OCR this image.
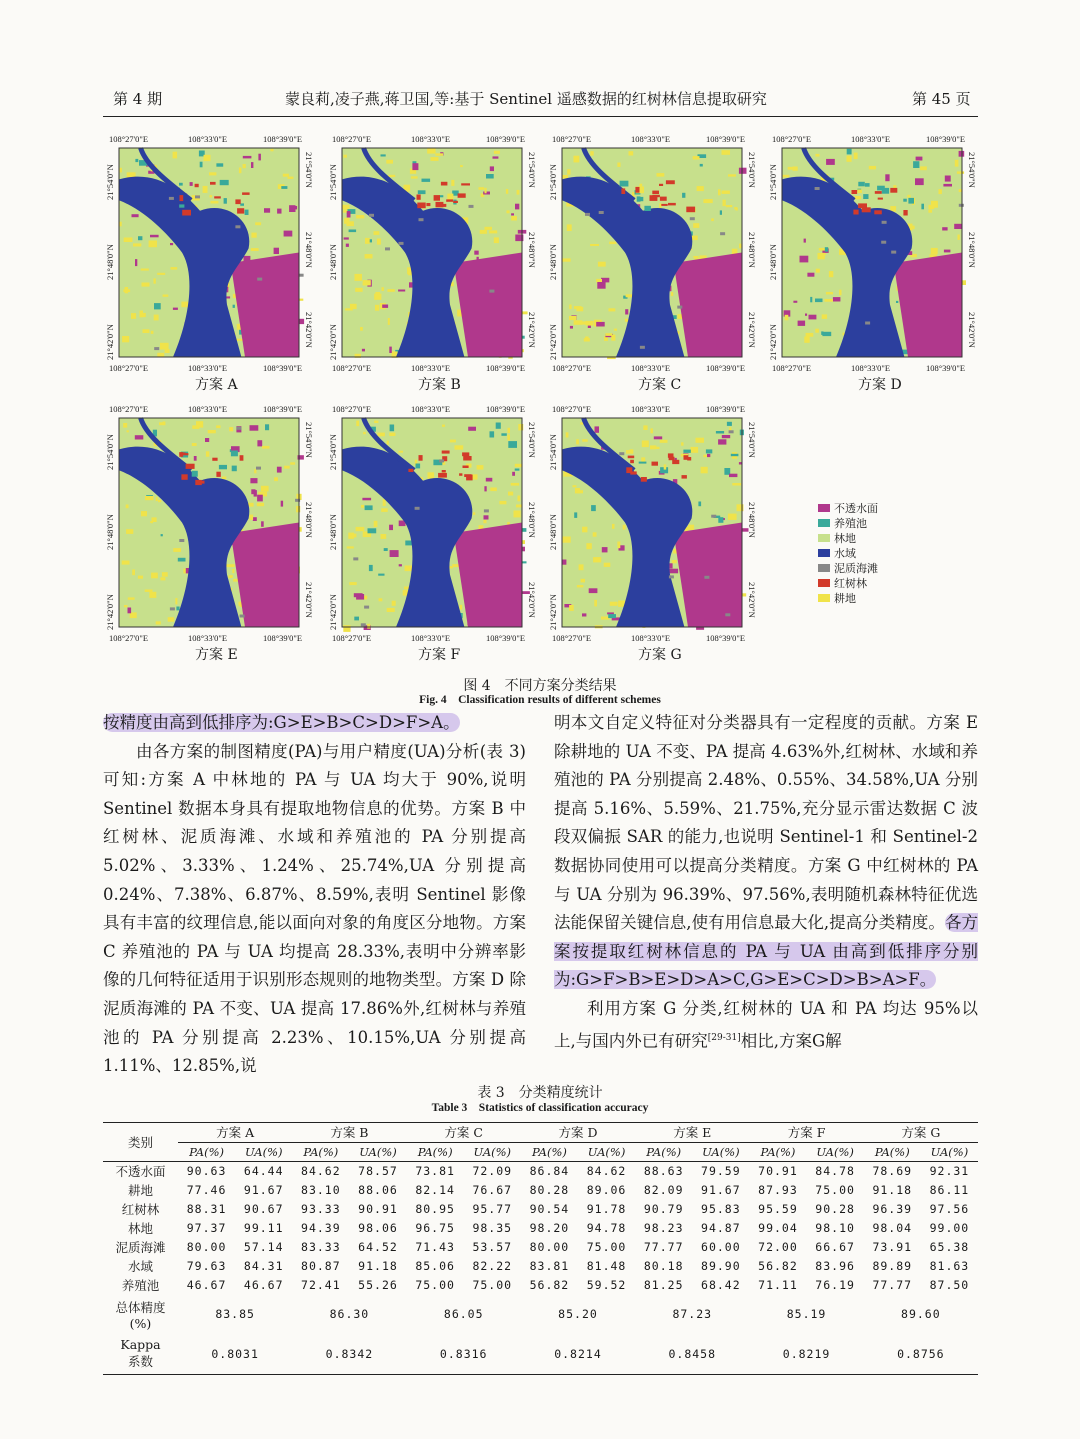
第 4 期	蒙良莉,凌子燕,蒋卫国,等:基于 Sentinel 遥感数据的红树林信息提取研究	第 45 页
108°27'0"E
108°27'0"E
108°33'0"E
108°33'0"E
108°39'0"E
108°39'0"E
21°54'0"N	21°54'0"N
21°48'0"N	21°48'0"N
21°42'0"N	21°42'0"N
方案 A
108°27'0"E
108°27'0"E
108°33'0"E
108°33'0"E
108°39'0"E
108°39'0"E
21°54'0"N	21°54'0"N
21°48'0"N	21°48'0"N
21°42'0"N	21°42'0"N
方案 B
108°27'0"E
108°27'0"E
108°33'0"E
108°33'0"E
108°39'0"E
108°39'0"E
21°54'0"N	21°54'0"N
21°48'0"N	21°48'0"N
21°42'0"N	21°42'0"N
方案 C
108°27'0"E
108°27'0"E
108°33'0"E
108°33'0"E
108°39'0"E
108°39'0"E
21°54'0"N	21°54'0"N
21°48'0"N	21°48'0"N
21°42'0"N	21°42'0"N
方案 D
108°27'0"E
108°27'0"E
108°33'0"E
108°33'0"E
108°39'0"E
108°39'0"E
21°54'0"N	21°54'0"N
21°48'0"N	21°48'0"N
21°42'0"N	21°42'0"N
方案 E
108°27'0"E
108°27'0"E
108°33'0"E
108°33'0"E
108°39'0"E
108°39'0"E
21°54'0"N	21°54'0"N
21°48'0"N	21°48'0"N
21°42'0"N	21°42'0"N
方案 F
108°27'0"E
108°27'0"E
108°33'0"E
108°33'0"E
108°39'0"E
108°39'0"E
21°54'0"N	21°54'0"N
21°48'0"N	21°48'0"N
21°42'0"N	21°42'0"N
方案 G
不透水面
养殖池
林地
水域
泥质海滩
红树林
耕地
图 4　不同方案分类结果
Fig. 4　Classification results of different schemes

按精度由高到低排序为:G>E>B>C>D>F>A。

由各方案的制图精度(PA)与用户精度(UA)分析(表 3)可知:方案 A 中林地的 PA 与 UA 均大于 90%,说明 Sentinel 数据本身具有提取地物信息的优势。方案 B 中红树林、泥质海滩、水域和养殖池的 PA 分别提高 5.02%、3.33%、1.24%、25.74%,UA 分别提高 0.24%、7.38%、6.87%、8.59%,表明 Sentinel 影像具有丰富的纹理信息,能以面向对象的角度区分地物。方案 C 养殖池的 PA 与 UA 均提高 28.33%,表明中分辨率影像的几何特征适用于识别形态规则的地物类型。方案 D 除泥质海滩的 PA 不变、UA 提高 17.86%外,红树林与养殖池的 PA 分别提高 2.23%、10.15%,UA 分别提高 1.11%、12.85%,说

明本文自定义特征对分类器具有一定程度的贡献。方案 E 除耕地的 UA 不变、PA 提高 4.63%外,红树林、水域和养殖池的 PA 分别提高 2.48%、0.55%、34.58%,UA 分别提高 5.16%、5.59%、21.75%,充分显示雷达数据 C 波段双偏振 SAR 的能力,也说明 Sentinel-1 和 Sentinel-2 数据协同使用可以提高分类精度。方案 G 中红树林的 PA 与 UA 分别为 96.39%、97.56%,表明随机森林特征优选法能保留关键信息,使有用信息最大化,提高分类精度。各方案按提取红树林信息的 PA 与 UA 由高到低排序分别为:G>F>B>E>D>A>C,G>E>C>D>B>A>F。

利用方案 G 分类,红树林的 UA 和 PA 均达 95%以上,与国内外已有研究[29-31]相比,方案G解

表 3　分类精度统计
Table 3　Statistics of classification accuracy
类别	方案 A		方案 B		方案 C		方案 D		方案 E		方案 F		方案 G	
	PA(%)	UA(%)	PA(%)	UA(%)	PA(%)	UA(%)	PA(%)	UA(%)	PA(%)	UA(%)	PA(%)	UA(%)	PA(%)	UA(%)
不透水面	90.63	64.44	84.62	78.57	73.81	72.09	86.84	84.62	88.63	79.59	70.91	84.78	78.69	92.31
耕地	77.46	91.67	83.10	88.06	82.14	76.67	80.28	89.06	82.09	91.67	87.93	75.00	91.18	86.11
红树林	88.31	90.67	93.33	90.91	80.95	95.77	90.54	91.78	90.79	95.83	95.59	90.28	96.39	97.56
林地	97.37	99.11	94.39	98.06	96.75	98.35	98.20	94.78	98.23	94.87	99.04	98.10	98.04	99.00
泥质海滩	80.00	57.14	83.33	64.52	71.43	53.57	80.00	75.00	77.77	60.00	72.00	66.67	73.91	65.38
水域	79.63	84.31	80.87	91.18	85.06	82.22	83.81	81.48	80.18	89.90	56.82	83.96	89.89	81.63
养殖池	46.67	46.67	72.41	55.26	75.00	75.00	56.82	59.52	81.25	68.42	71.11	76.19	77.77	87.50

总体精度
(%)	83.85		86.30		86.05		85.20		87.23		85.19		89.60	

Kappa
系数	0.8031		0.8342		0.8316		0.8214		0.8458		0.8219		0.8756	
